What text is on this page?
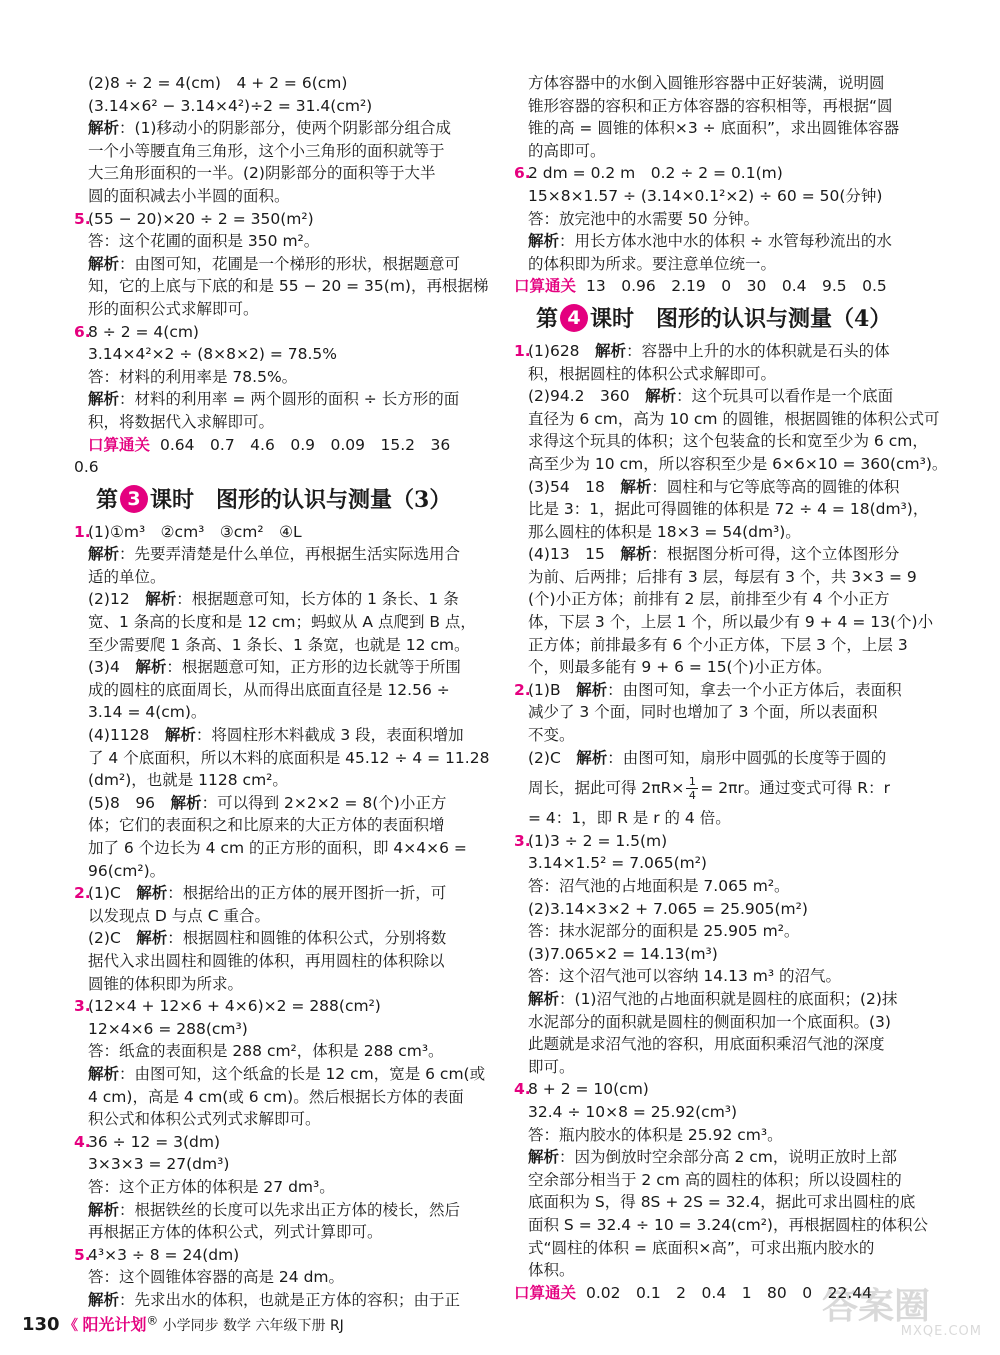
(2)8 ÷ 2 = 4(cm)　4 + 2 = 6(cm)
(3.14×6² − 3.14×4²)÷2 = 31.4(cm²)
解析：(1)移动小的阴影部分，使两个阴影部分组合成
一个小等腰直角三角形，这个小三角形的面积就等于
大三角形面积的一半。(2)阴影部分的面积等于大半
圆的面积减去小半圆的面积。
5.
(55 − 20)×20 ÷ 2 = 350(m²)
答：这个花圃的面积是 350 m²。
解析：由图可知，花圃是一个梯形的形状，根据题意可
知，它的上底与下底的和是 55 − 20 = 35(m)，再根据梯
形的面积公式求解即可。
6.
8 ÷ 2 = 4(cm)
3.14×4²×2 ÷ (8×8×2) = 78.5%
答：材料的利用率是 78.5%。
解析：材料的利用率 = 两个圆形的面积 ÷ 长方形的面
积，将数据代入求解即可。
口算通关 0.64　0.7　4.6　0.9　0.09　15.2　36
0.6
第 3 课时　图形的认识与测量（3）
1.
(1)①m³　②cm³　③cm²　④L
解析：先要弄清楚是什么单位，再根据生活实际选用合
适的单位。
(2)12　解析：根据题意可知，长方体的 1 条长、1 条
宽、1 条高的长度和是 12 cm；蚂蚁从 A 点爬到 B 点，
至少需要爬 1 条高、1 条长、1 条宽，也就是 12 cm。
(3)4　解析：根据题意可知，正方形的边长就等于所围
成的圆柱的底面周长，从而得出底面直径是 12.56 ÷
3.14 = 4(cm)。
(4)1128　解析：将圆柱形木料截成 3 段，表面积增加
了 4 个底面积，所以木料的底面积是 45.12 ÷ 4 = 11.28
(dm²)，也就是 1128 cm²。
(5)8　96　解析：可以得到 2×2×2 = 8(个)小正方
体；它们的表面积之和比原来的大正方体的表面积增
加了 6 个边长为 4 cm 的正方形的面积，即 4×4×6 =
96(cm²)。
2.
(1)C　解析：根据给出的正方体的展开图折一折，可
以发现点 D 与点 C 重合。
(2)C　解析：根据圆柱和圆锥的体积公式，分别将数
据代入求出圆柱和圆锥的体积，再用圆柱的体积除以
圆锥的体积即为所求。
3.
(12×4 + 12×6 + 4×6)×2 = 288(cm²)
12×4×6 = 288(cm³)
答：纸盒的表面积是 288 cm²，体积是 288 cm³。
解析：由图可知，这个纸盒的长是 12 cm，宽是 6 cm(或
4 cm)，高是 4 cm(或 6 cm)。然后根据长方体的表面
积公式和体积公式列式求解即可。
4.
36 ÷ 12 = 3(dm)
3×3×3 = 27(dm³)
答：这个正方体的体积是 27 dm³。
解析：根据铁丝的长度可以先求出正方体的棱长，然后
再根据正方体的体积公式，列式计算即可。
5.
4³×3 ÷ 8 = 24(dm)
答：这个圆锥体容器的高是 24 dm。
解析：先求出水的体积，也就是正方体的容积；由于正
方体容器中的水倒入圆锥形容器中正好装满，说明圆
锥形容器的容积和正方体容器的容积相等，再根据“圆
锥的高 = 圆锥的体积×3 ÷ 底面积”，求出圆锥体容器
的高即可。
6.
2 dm = 0.2 m　0.2 ÷ 2 = 0.1(m)
15×8×1.57 ÷ (3.14×0.1²×2) ÷ 60 = 50(分钟)
答：放完池中的水需要 50 分钟。
解析：用长方体水池中水的体积 ÷ 水管每秒流出的水
的体积即为所求。要注意单位统一。
口算通关 13　0.96　2.19　0　30　0.4　9.5　0.5
第 4 课时　图形的认识与测量（4）
1.
(1)628　解析：容器中上升的水的体积就是石头的体
积，根据圆柱的体积公式求解即可。
(2)94.2　360　解析：这个玩具可以看作是一个底面
直径为 6 cm，高为 10 cm 的圆锥，根据圆锥的体积公式可
求得这个玩具的体积；这个包装盒的长和宽至少为 6 cm，
高至少为 10 cm，所以容积至少是 6×6×10 = 360(cm³)。
(3)54　18　解析：圆柱和与它等底等高的圆锥的体积
比是 3：1，据此可得圆锥的体积是 72 ÷ 4 = 18(dm³)，
那么圆柱的体积是 18×3 = 54(dm³)。
(4)13　15　解析：根据图分析可得，这个立体图形分
为前、后两排；后排有 3 层，每层有 3 个，共 3×3 = 9
(个)小正方体；前排有 2 层，前排至少有 4 个小正方
体，下层 3 个，上层 1 个，所以最少有 9 + 4 = 13(个)小
正方体；前排最多有 6 个小正方体，下层 3 个，上层 3
个，则最多能有 9 + 6 = 15(个)小正方体。
2.
(1)B　解析：由图可知，拿去一个小正方体后，表面积
减少了 3 个面，同时也增加了 3 个面，所以表面积
不变。
(2)C　解析：由图可知，扇形中圆弧的长度等于圆的
周长，据此可得 $2\pi R\times \frac{1}{4} = 2\pi r$。通过变式可得 R：r
= 4：1，即 R 是 r 的 4 倍。
3.
(1)3 ÷ 2 = 1.5(m)
3.14×1.5² = 7.065(m²)
答：沼气池的占地面积是 7.065 m²。
(2)3.14×3×2 + 7.065 = 25.905(m²)
答：抹水泥部分的面积是 25.905 m²。
(3)7.065×2 = 14.13(m³)
答：这个沼气池可以容纳 14.13 m³ 的沼气。
解析：(1)沼气池的占地面积就是圆柱的底面积；(2)抹
水泥部分的面积就是圆柱的侧面积加一个底面积。(3)
此题就是求沼气池的容积，用底面积乘沼气池的深度
即可。
4.
8 + 2 = 10(cm)
32.4 ÷ 10×8 = 25.92(cm³)
答：瓶内胶水的体积是 25.92 cm³。
解析：因为倒放时空余部分高 2 cm，说明正放时上部
空余部分相当于 2 cm 高的圆柱的体积；所以设圆柱的
底面积为 S，得 8S + 2S = 32.4，据此可求出圆柱的底
面积 S = 32.4 ÷ 10 = 3.24(cm²)，再根据圆柱的体积公
式“圆柱的体积 = 底面积×高”，可求出瓶内胶水的
体积。
口算通关 0.02　0.1　2　0.4　1　80　0　22.44
130 《 阳光计划® 小学同步 数学 六年级下册 RJ	答案圈
MXQE.COM
